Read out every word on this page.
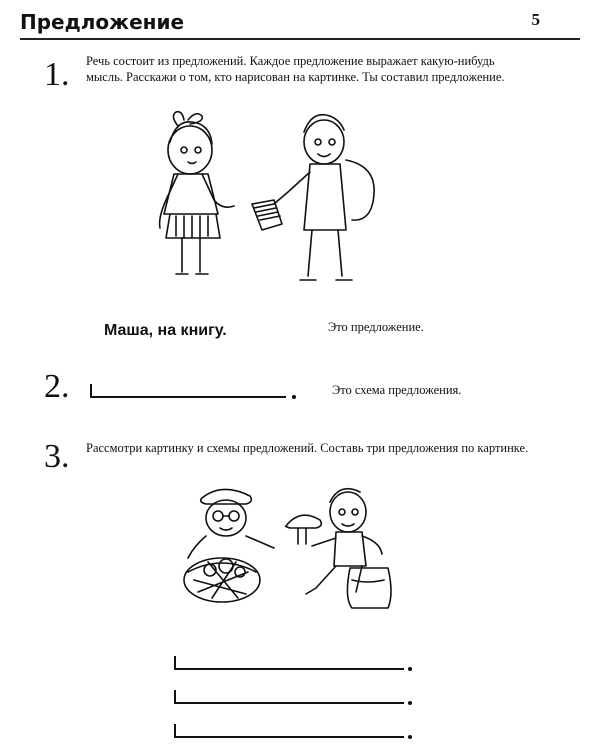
Предложение	5
1. Речь состоит из предложений. Каждое предложение выражает какую-нибудь мысль. Расскажи о том, кто нарисован на картинке. Ты составил предложение.
Маша, на книгу.	Это предложение.
2.	Это схема предложения.
3. Рассмотри картинку и схемы предложений. Составь три предложения по картинке.
